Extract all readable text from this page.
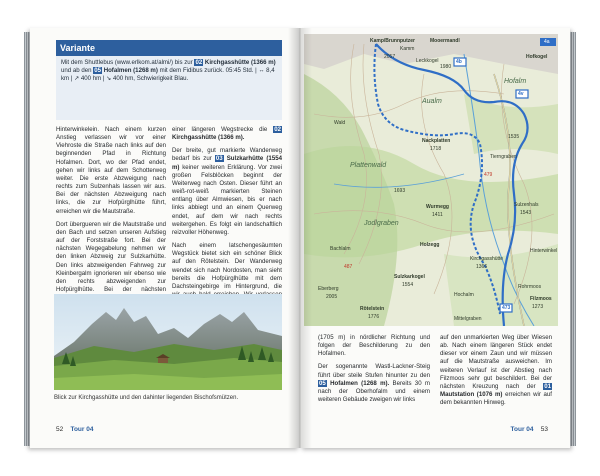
Variante
Mit dem Shuttlebus (www.erlkom.at/almi/) bis zur 02 Kirchgasshütte (1366 m) und ab den 05 Hofalmen (1268 m) mit dem Fidibus zurück. 05:45 Std. | ↔ 8,4 km | ↗ 400 hm | ↘ 400 hm, Schwierigkeit Blau.

Hinterwinkelein. Nach einem kurzen Anstieg verlassen wir vor einer Viehroste die Straße nach links auf den beginnenden Pfad in Richtung Hofalmen. Dort, wo der Pfad endet, gehen wir links auf dem Schotterweg weiter. Die erste Abzweigung nach rechts zum Sulzenhals lassen wir aus. Bei der nächsten Abzweigung nach links, die zur Hofpürglhütte führt, erreichen wir die Mautstraße.

Dort übergueren wir die Mautstraße und den Bach und setzen unseren Aufstieg auf der Forststraße fort. Bei der nächsten Wegegabelung nehmen wir den linken Abzweig zur Sulzkarhütte. Den links abzweigenden Fahrweg zur Kleinbergalm ignorieren wir ebenso wie den rechts abzweigenden zur Hofpürglhütte. Bei der nächsten

einer längeren Wegstrecke die 02 Kirchgasshütte (1366 m).

Der breite, gut markierte Wanderweg bedarf bis zur 03 Sulzkarhütte (1554 m) keiner weiteren Erklärung. Vor zwei großen Felsblöcken beginnt der Weiterweg nach Osten. Dieser führt an weiß-rot-weiß markierten Steinen entlang über Almwiesen, bis er nach links abbiegt und an einem Querweg endet, auf dem wir nach rechts weitergehen. Es folgt ein landschaftlich reizvoller Höhenweg.

Nach einem latschengesäumten Wegstück bietet sich ein schöner Blick auf den Rötelstein. Der Wanderweg wendet sich nach Nordosten, man sieht bereits die Hofpürglhütte mit dem Dachsteingebirge im Hintergrund, die

Blick zur Kirchgasshütte und den dahinter liegenden Bischofsmützen.
52 Tour 04
Kamp/Brunnputzer	Mooermandl
Kamm
2057
Leckkogel
1980
Hofkogel
Hofalm
4a
4v
4b
Aualm
Wald
Nackplatten
1718
Plattenwald
Tierngraben
1535
1693
Wurmegg
1411
Jodlgraben
Sulzenhals
1543
Holzegg
Bachlalm
Kirchgasshütte
1366
Hinterwinkel
Sulzkarkogel
1554
Eberberg
2005	Hochalm
Rötelstein
1776
Rohrmoos
Filzmoos
1273
Mittelgraben
473
479
487

(1705 m) in nördlicher Richtung und folgen der Beschilderung zu den Hofalmen.

Der sogenannte Wastl-Lackner-Steig führt über steile Stufen hinunter zu den 05 Hofalmen (1268 m). Bereits 30 m nach der Oberhofalm und einem weiteren Gebäude zweigen wir links

auf den unmarkierten Weg über Wiesen ab. Nach einem längeren Stück endet dieser vor einem Zaun und wir müssen auf die Mautstraße ausweichen. Im weiteren Verlauf ist der Abstieg nach Filzmoos sehr gut beschildert. Bei der nächsten Kreuzung nach der 01 Mautstation (1076 m) erreichen wir auf dem bekannten Hinweg.

Tour 04 53
